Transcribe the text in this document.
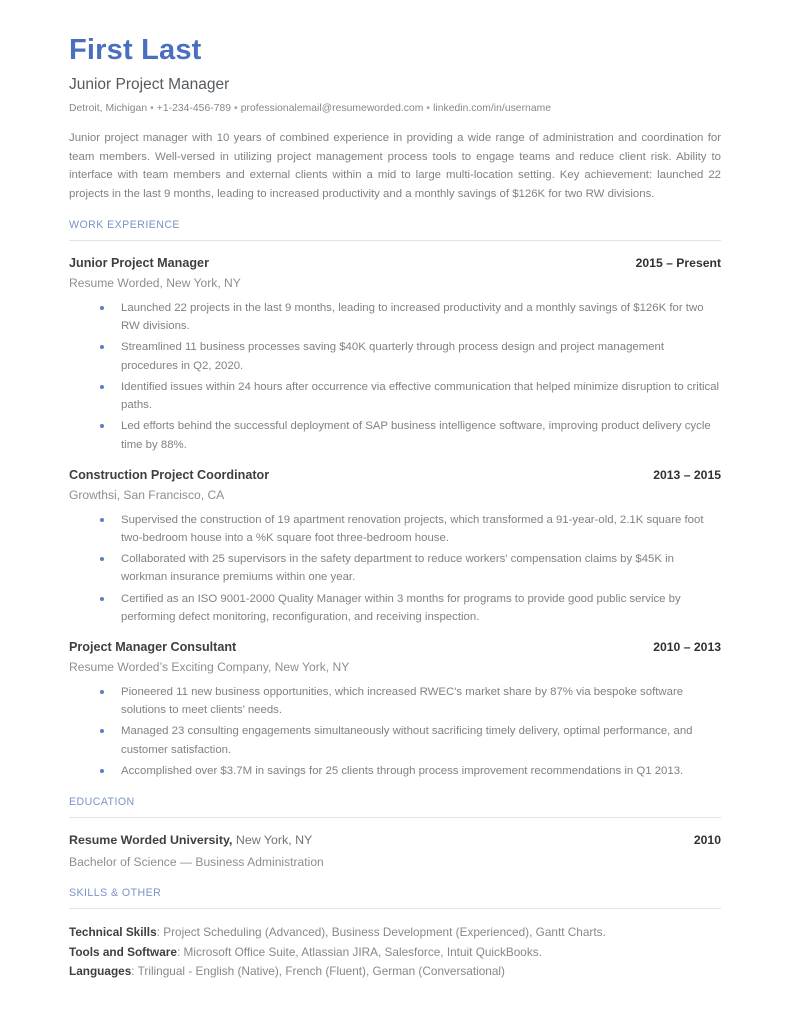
First Last
Junior Project Manager
Detroit, Michigan • +1-234-456-789 • professionalemail@resumeworded.com • linkedin.com/in/username

Junior project manager with 10 years of combined experience in providing a wide range of administration and coordination for team members. Well-versed in utilizing project management process tools to engage teams and reduce client risk. Ability to interface with team members and external clients within a mid to large multi-location setting. Key achievement: launched 22 projects in the last 9 months, leading to increased productivity and a monthly savings of $126K for two RW divisions.

WORK EXPERIENCE
Junior Project Manager	2015 – Present
Resume Worded, New York, NY
Launched 22 projects in the last 9 months, leading to increased productivity and a monthly savings of $126K for two RW divisions.
Streamlined 11 business processes saving $40K quarterly through process design and project management procedures in Q2, 2020.
Identified issues within 24 hours after occurrence via effective communication that helped minimize disruption to critical paths.
Led efforts behind the successful deployment of SAP business intelligence software, improving product delivery cycle time by 88%.
Construction Project Coordinator	2013 – 2015
Growthsi, San Francisco, CA
Supervised the construction of 19 apartment renovation projects, which transformed a 91-year-old, 2.1K square foot two-bedroom house into a %K square foot three-bedroom house.
Collaborated with 25 supervisors in the safety department to reduce workers' compensation claims by $45K in workman insurance premiums within one year.
Certified as an ISO 9001-2000 Quality Manager within 3 months for programs to provide good public service by performing defect monitoring, reconfiguration, and receiving inspection.
Project Manager Consultant	2010 – 2013
Resume Worded’s Exciting Company, New York, NY
Pioneered 11 new business opportunities, which increased RWEC's market share by 87% via bespoke software solutions to meet clients’ needs.
Managed 23 consulting engagements simultaneously without sacrificing timely delivery, optimal performance, and customer satisfaction.
Accomplished over $3.7M in savings for 25 clients through process improvement recommendations in Q1 2013.
EDUCATION
Resume Worded University, New York, NY	2010
Bachelor of Science — Business Administration
SKILLS & OTHER
Technical Skills: Project Scheduling (Advanced), Business Development (Experienced), Gantt Charts.
Tools and Software: Microsoft Office Suite, Atlassian JIRA, Salesforce, Intuit QuickBooks.
Languages: Trilingual - English (Native), French (Fluent), German (Conversational)
